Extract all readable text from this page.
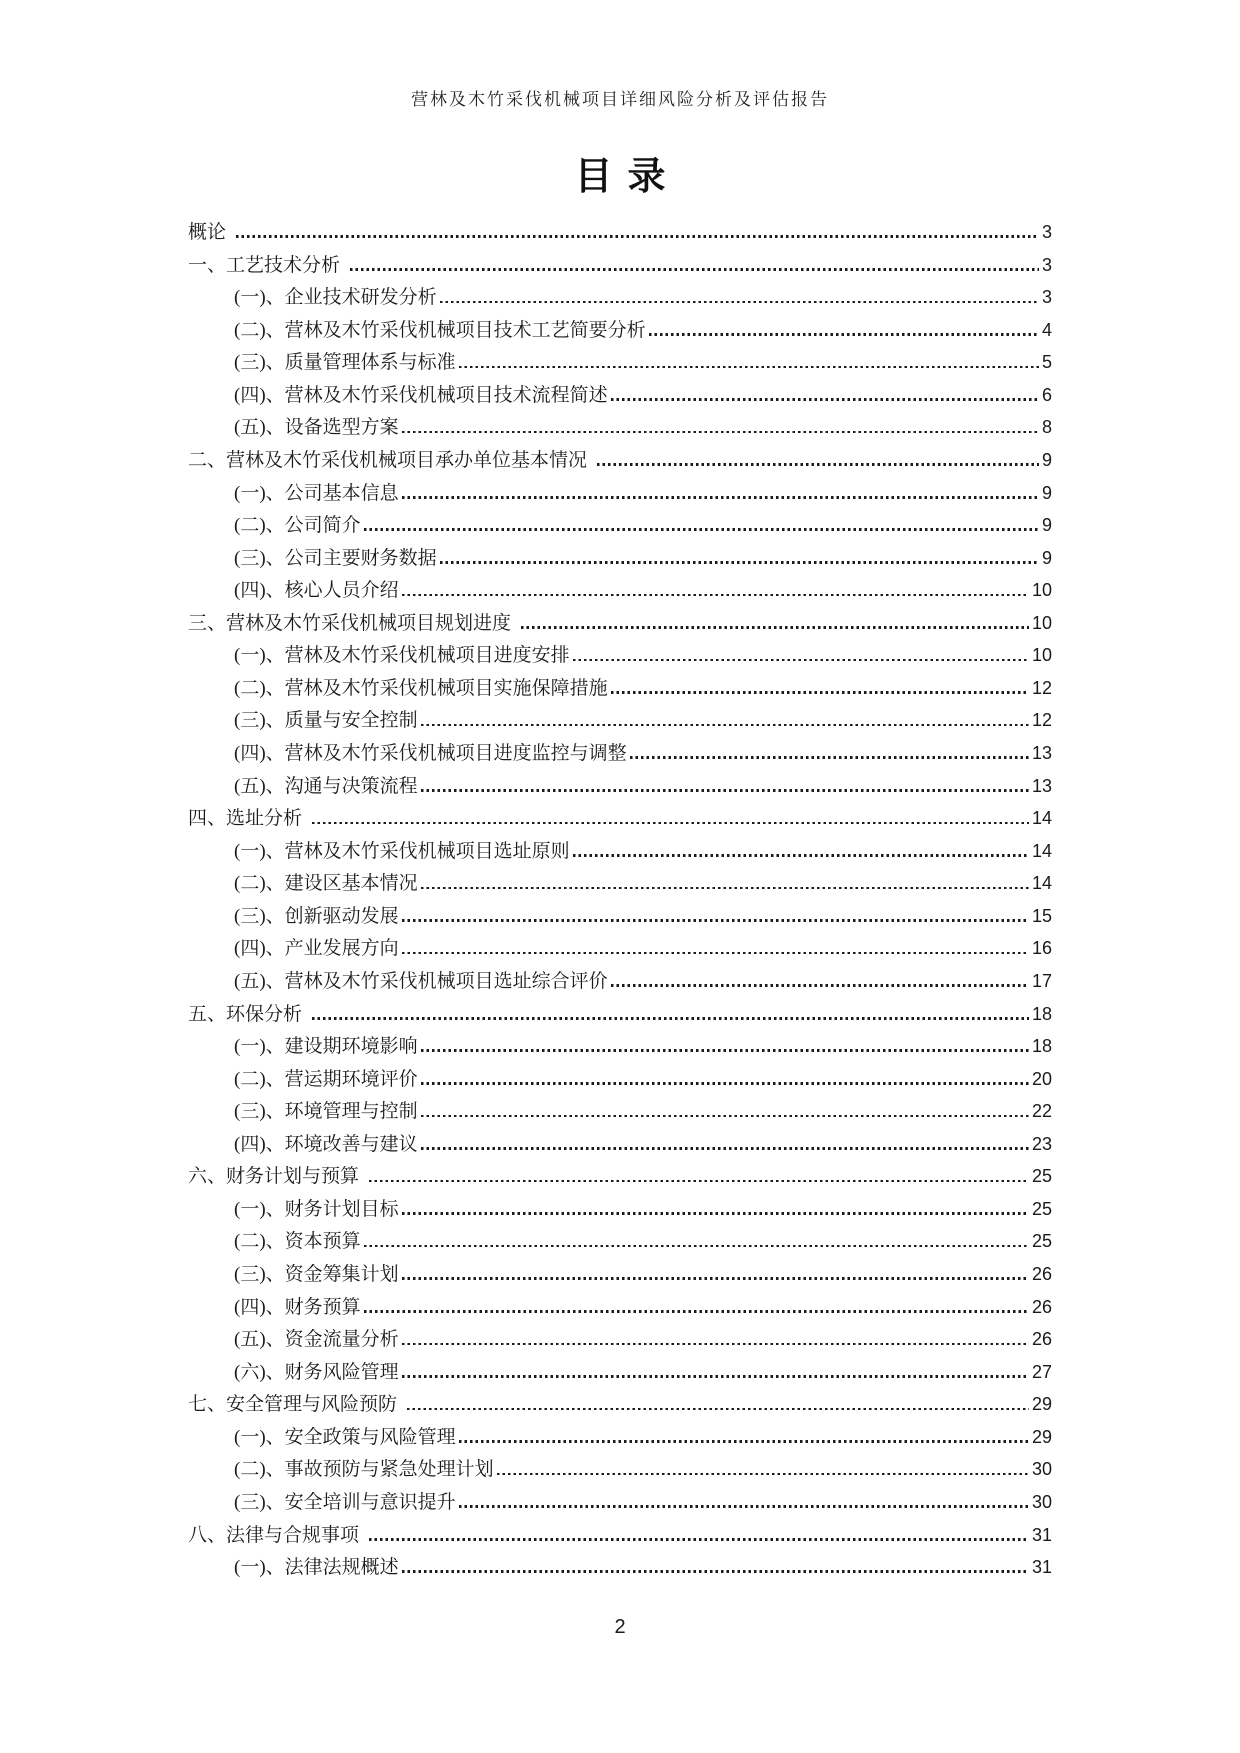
营林及木竹采伐机械项目详细风险分析及评估报告
目录
概论	3
一、工艺技术分析	3
(一)、企业技术研发分析	3
(二)、营林及木竹采伐机械项目技术工艺简要分析	4
(三)、质量管理体系与标准	5
(四)、营林及木竹采伐机械项目技术流程简述	6
(五)、设备选型方案	8
二、营林及木竹采伐机械项目承办单位基本情况	9
(一)、公司基本信息	9
(二)、公司简介	9
(三)、公司主要财务数据	9
(四)、核心人员介绍	10
三、营林及木竹采伐机械项目规划进度	10
(一)、营林及木竹采伐机械项目进度安排	10
(二)、营林及木竹采伐机械项目实施保障措施	12
(三)、质量与安全控制	12
(四)、营林及木竹采伐机械项目进度监控与调整	13
(五)、沟通与决策流程	13
四、选址分析	14
(一)、营林及木竹采伐机械项目选址原则	14
(二)、建设区基本情况	14
(三)、创新驱动发展	15
(四)、产业发展方向	16
(五)、营林及木竹采伐机械项目选址综合评价	17
五、环保分析	18
(一)、建设期环境影响	18
(二)、营运期环境评价	20
(三)、环境管理与控制	22
(四)、环境改善与建议	23
六、财务计划与预算	25
(一)、财务计划目标	25
(二)、资本预算	25
(三)、资金筹集计划	26
(四)、财务预算	26
(五)、资金流量分析	26
(六)、财务风险管理	27
七、安全管理与风险预防	29
(一)、安全政策与风险管理	29
(二)、事故预防与紧急处理计划	30
(三)、安全培训与意识提升	30
八、法律与合规事项	31
(一)、法律法规概述	31
2
